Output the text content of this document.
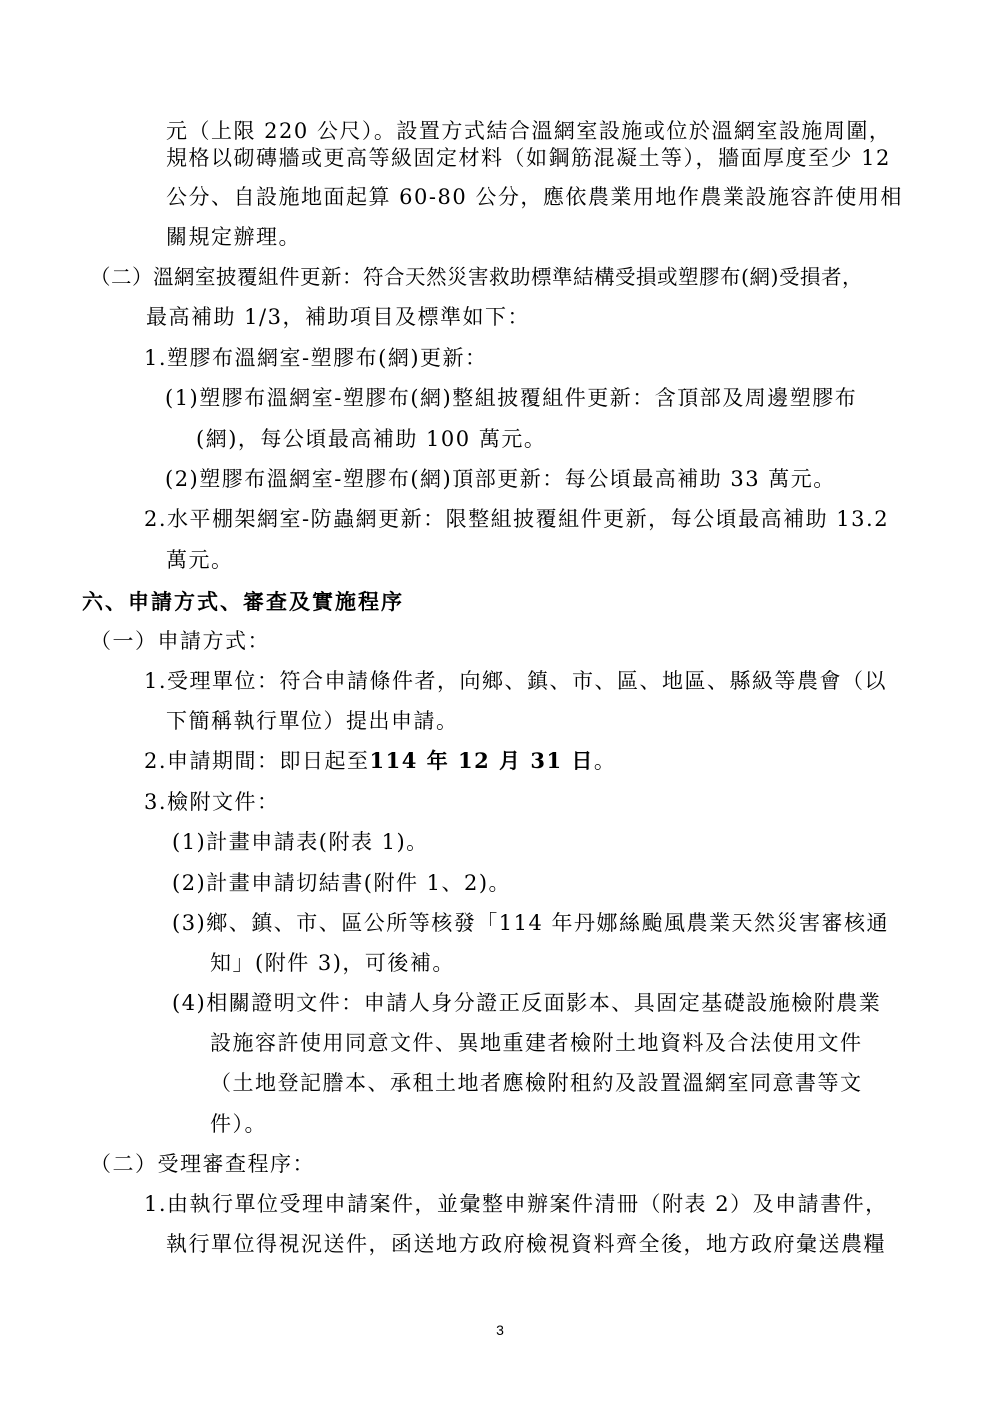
元（上限 220 公尺）。設置方式結合溫網室設施或位於溫網室設施周圍，
規格以砌磚牆或更高等級固定材料（如鋼筋混凝土等），牆面厚度至少 12
公分、自設施地面起算 60-80 公分，應依農業用地作農業設施容許使用相
關規定辦理。
（二）溫網室披覆組件更新：符合天然災害救助標準結構受損或塑膠布(網)受損者，
最高補助 1/3，補助項目及標準如下：
1.塑膠布溫網室-塑膠布(網)更新：
(1)塑膠布溫網室-塑膠布(網)整組披覆組件更新：含頂部及周邊塑膠布
(網)，每公頃最高補助 100 萬元。
(2)塑膠布溫網室-塑膠布(網)頂部更新：每公頃最高補助 33 萬元。
2.水平棚架網室-防蟲網更新：限整組披覆組件更新，每公頃最高補助 13.2
萬元。
六、申請方式、審查及實施程序
（一）申請方式：
1.受理單位：符合申請條件者，向鄉、鎮、市、區、地區、縣級等農會（以
下簡稱執行單位）提出申請。
2.申請期間：即日起至114 年 12 月 31 日。
3.檢附文件：
(1)計畫申請表(附表 1)。
(2)計畫申請切結書(附件 1、2)。
(3)鄉、鎮、市、區公所等核發「114 年丹娜絲颱風農業天然災害審核通
知」(附件 3)，可後補。
(4)相關證明文件：申請人身分證正反面影本、具固定基礎設施檢附農業
設施容許使用同意文件、異地重建者檢附土地資料及合法使用文件
（土地登記謄本、承租土地者應檢附租約及設置溫網室同意書等文
件）。
（二）受理審查程序：
1.由執行單位受理申請案件，並彙整申辦案件清冊（附表 2）及申請書件，
執行單位得視況送件，函送地方政府檢視資料齊全後，地方政府彙送農糧
3
